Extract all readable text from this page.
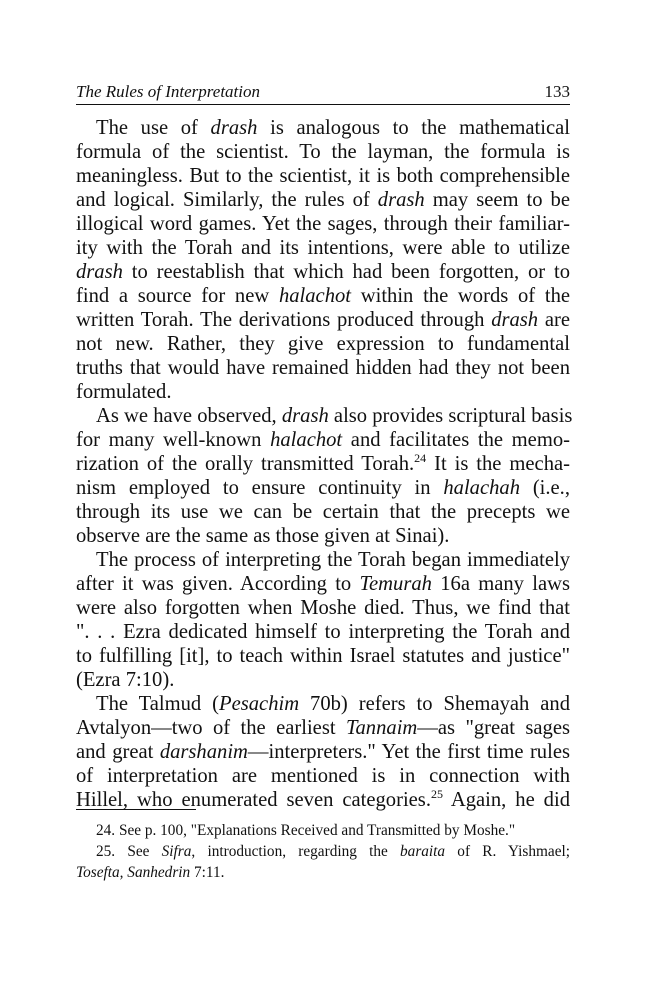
The Rules of Interpretation	133
The use of drash is analogous to the mathematical
formula of the scientist. To the layman, the formula is
meaningless. But to the scientist, it is both comprehensible
and logical. Similarly, the rules of drash may seem to be
illogical word games. Yet the sages, through their familiar-
ity with the Torah and its intentions, were able to utilize
drash to reestablish that which had been forgotten, or to
find a source for new halachot within the words of the
written Torah. The derivations produced through drash are
not new. Rather, they give expression to fundamental
truths that would have remained hidden had they not been
formulated.
As we have observed, drash also provides scriptural basis
for many well-known halachot and facilitates the memo-
rization of the orally transmitted Torah.$^{24}$ It is the mecha-
nism employed to ensure continuity in halachah (i.e.,
through its use we can be certain that the precepts we
observe are the same as those given at Sinai).
The process of interpreting the Torah began immediately
after it was given. According to Temurah 16a many laws
were also forgotten when Moshe died. Thus, we find that
". . . Ezra dedicated himself to interpreting the Torah and
to fulfilling [it], to teach within Israel statutes and justice"
(Ezra 7:10).
The Talmud (Pesachim 70b) refers to Shemayah and
Avtalyon—two of the earliest Tannaim—as "great sages
and great darshanim—interpreters." Yet the first time rules
of interpretation are mentioned is in connection with
Hillel, who enumerated seven categories.$^{25}$ Again, he did
24. See p. 100, "Explanations Received and Transmitted by Moshe."
25. See Sifra, introduction, regarding the baraita of R. Yishmael;
Tosefta, Sanhedrin 7:11.
